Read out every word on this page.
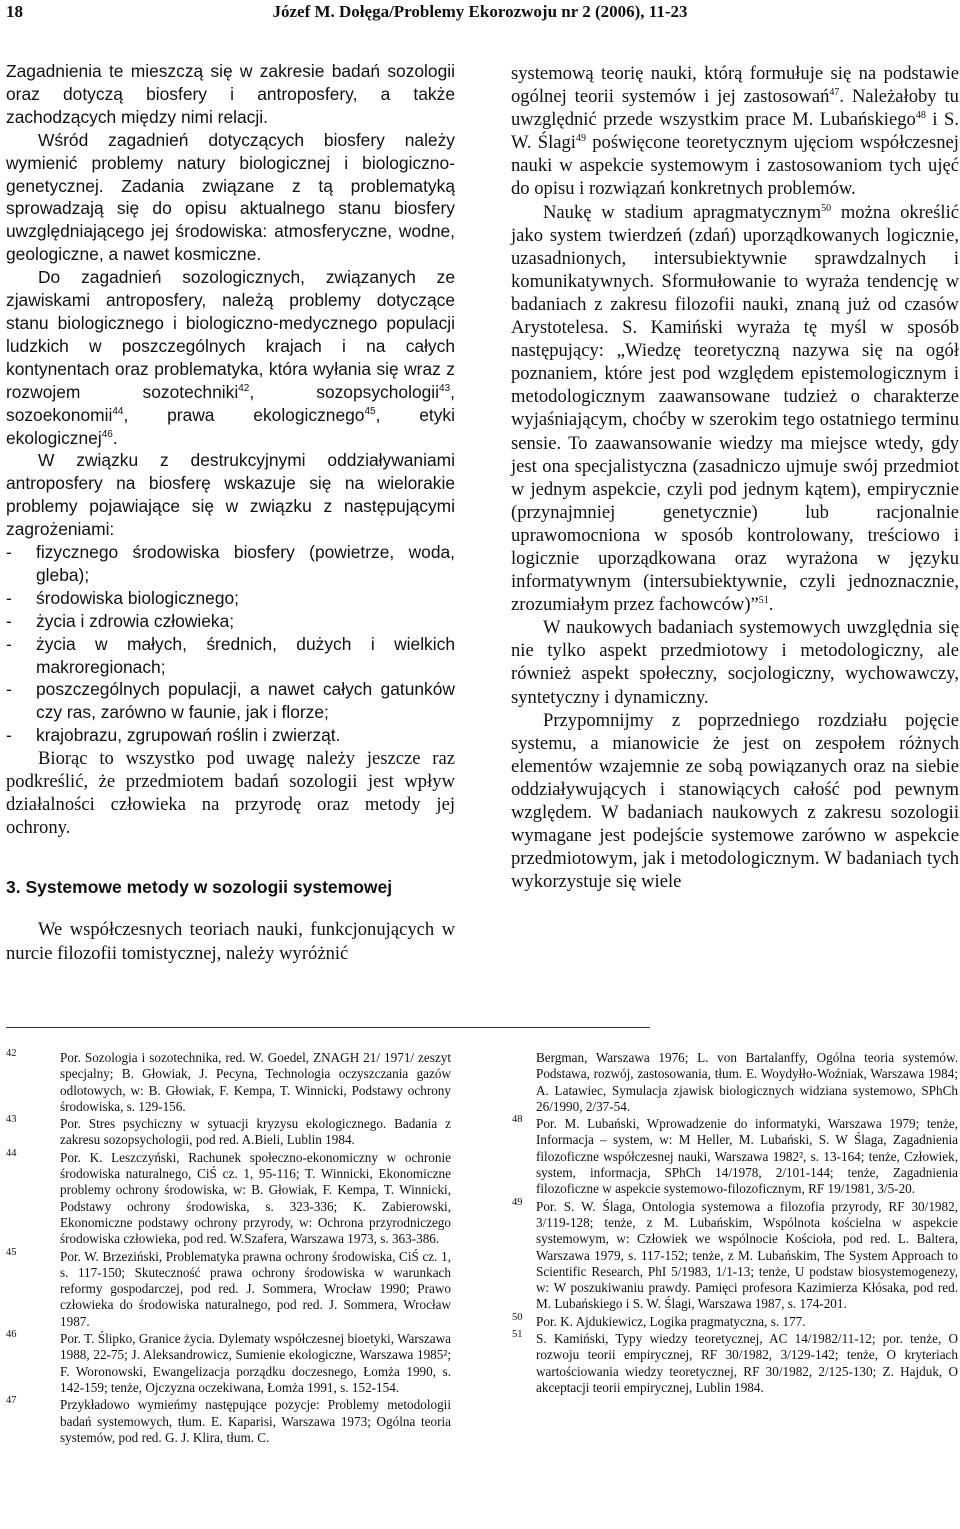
18	Józef M. Dołęga/Problemy Ekorozwoju nr 2 (2006), 11-23

Zagadnienia te mieszczą się w zakresie badań sozologii oraz dotyczą biosfery i antroposfery, a także zachodzących między nimi relacji.

Wśród zagadnień dotyczących biosfery należy wymienić problemy natury biologicznej i biologiczno-genetycznej. Zadania związane z tą problematyką sprowadzają się do opisu aktualnego stanu biosfery uwzględniającego jej środowiska: atmosferyczne, wodne, geologiczne, a nawet kosmiczne.

Do zagadnień sozologicznych, związanych ze zjawiskami antroposfery, należą problemy dotyczące stanu biologicznego i biologiczno-medycznego populacji ludzkich w poszczególnych krajach i na całych kontynentach oraz problematyka, która wyłania się wraz z rozwojem sozotechniki$^{42}$, sozopsychologii$^{43}$, sozoekonomii$^{44}$, prawa ekologicznego$^{45}$, etyki ekologicznej$^{46}$.

W związku z destrukcyjnymi oddziaływaniami antroposfery na biosferę wskazuje się na wielorakie problemy pojawiające się w związku z następującymi zagrożeniami:

- fizycznego środowiska biosfery (powietrze, woda, gleba);
- środowiska biologicznego;
- życia i zdrowia człowieka;
- życia w małych, średnich, dużych i wielkich makroregionach;
- poszczególnych populacji, a nawet całych gatunków czy ras, zarówno w faunie, jak i florze;
- krajobrazu, zgrupowań roślin i zwierząt.

Biorąc to wszystko pod uwagę należy jeszcze raz podkreślić, że przedmiotem badań sozologii jest wpływ działalności człowieka na przyrodę oraz metody jej ochrony.

3. Systemowe metody w sozologii systemowej

We współczesnych teoriach nauki, funkcjonujących w nurcie filozofii tomistycznej, należy wyróżnić

systemową teorię nauki, którą formułuje się na podstawie ogólnej teorii systemów i jej zastosowań$^{47}$. Należałoby tu uwzględnić przede wszystkim prace M. Lubańskiego$^{48}$ i S. W. Ślagi$^{49}$ poświęcone teoretycznym ujęciom współczesnej nauki w aspekcie systemowym i zastosowaniom tych ujęć do opisu i rozwiązań konkretnych problemów.

Naukę w stadium apragmatycznym$^{50}$ można określić jako system twierdzeń (zdań) uporządkowanych logicznie, uzasadnionych, intersubiektywnie sprawdzalnych i komunikatywnych. Sformułowanie to wyraża tendencję w badaniach z zakresu filozofii nauki, znaną już od czasów Arystotelesa. S. Kamiński wyraża tę myśl w sposób następujący: „Wiedzę teoretyczną nazywa się na ogół poznaniem, które jest pod względem epistemologicznym i metodologicznym zaawansowane tudzież o charakterze wyjaśniającym, choćby w szerokim tego ostatniego terminu sensie. To zaawansowanie wiedzy ma miejsce wtedy, gdy jest ona specjalistyczna (zasadniczo ujmuje swój przedmiot w jednym aspekcie, czyli pod jednym kątem), empirycznie (przynajmniej genetycznie) lub racjonalnie uprawomocniona w sposób kontrolowany, treściowo i logicznie uporządkowana oraz wyrażona w języku informatywnym (intersubiektywnie, czyli jednoznacznie, zrozumiałym przez fachowców)”$^{51}$.

W naukowych badaniach systemowych uwzględnia się nie tylko aspekt przedmiotowy i metodologiczny, ale również aspekt społeczny, socjologiczny, wychowawczy, syntetyczny i dynamiczny.

Przypomnijmy z poprzedniego rozdziału pojęcie systemu, a mianowicie że jest on zespołem różnych elementów wzajemnie ze sobą powiązanych oraz na siebie oddziaływujących i stanowiących całość pod pewnym względem. W badaniach naukowych z zakresu sozologii wymagane jest podejście systemowe zarówno w aspekcie przedmiotowym, jak i metodologicznym. W badaniach tych wykorzystuje się wiele

42	Por. Sozologia i sozotechnika, red. W. Goedel, ZNAGH 21/ 1971/ zeszyt specjalny; B. Głowiak, J. Pecyna, Technologia oczyszczania gazów odlotowych, w: B. Głowiak, F. Kempa, T. Winnicki, Podstawy ochrony środowiska, s. 129-156.

43	Por. Stres psychiczny w sytuacji kryzysu ekologicznego. Badania z zakresu sozopsychologii, pod red. A.Bieli, Lublin 1984.

44	Por. K. Leszczyński, Rachunek społeczno-ekonomiczny w ochronie środowiska naturalnego, CiŚ cz. 1, 95-116; T. Winnicki, Ekonomiczne problemy ochrony środowiska, w: B. Głowiak, F. Kempa, T. Winnicki, Podstawy ochrony środowiska, s. 323-336; K. Zabierowski, Ekonomiczne podstawy ochrony przyrody, w: Ochrona przyrodniczego środowiska człowieka, pod red. W.Szafera, Warszawa 1973, s. 363-386.

45	Por. W. Brzeziński, Problematyka prawna ochrony środowiska, CiŚ cz. 1, s. 117-150; Skuteczność prawa ochrony środowiska w warunkach reformy gospodarczej, pod red. J. Sommera, Wrocław 1990; Prawo człowieka do środowiska naturalnego, pod red. J. Sommera, Wrocław 1987.

46	Por. T. Ślipko, Granice życia. Dylematy współczesnej bioetyki, Warszawa 1988, 22-75; J. Aleksandrowicz, Sumienie ekologiczne, Warszawa 1985²; F. Woronowski, Ewangelizacja porządku doczesnego, Łomża 1990, s. 142-159; tenże, Ojczyzna oczekiwana, Łomża 1991, s. 152-154.

47	Przykładowo wymieńmy następujące pozycje: Problemy metodologii badań systemowych, tłum. E. Kaparisi, Warszawa 1973; Ogólna teoria systemów, pod red. G. J. Klira, tłum. C.

Bergman, Warszawa 1976; L. von Bartalanffy, Ogólna teoria systemów. Podstawa, rozwój, zastosowania, tłum. E. Woydyłło-Woźniak, Warszawa 1984; A. Latawiec, Symulacja zjawisk biologicznych widziana systemowo, SPhCh 26/1990, 2/37-54.

48 Por. M. Lubański, Wprowadzenie do informatyki, Warszawa 1979; tenże, Informacja – system, w: M Heller, M. Lubański, S. W Ślaga, Zagadnienia filozoficzne współczesnej nauki, Warszawa 1982², s. 13-164; tenże, Człowiek, system, informacja, SPhCh 14/1978, 2/101-144; tenże, Zagadnienia filozoficzne w aspekcie systemowo-filozoficznym, RF 19/1981, 3/5-20.

49 Por. S. W. Ślaga, Ontologia systemowa a filozofia przyrody, RF 30/1982, 3/119-128; tenże, z M. Lubańskim, Wspólnota kościelna w aspekcie systemowym, w: Człowiek we wspólnocie Kościoła, pod red. L. Baltera, Warszawa 1979, s. 117-152; tenże, z M. Lubańskim, The System Approach to Scientific Research, PhI 5/1983, 1/1-13; tenże, U podstaw biosystemogenezy, w: W poszukiwaniu prawdy. Pamięci profesora Kazimierza Kłósaka, pod red. M. Lubańskiego i S. W. Ślagi, Warszawa 1987, s. 174-201.

50 Por. K. Ajdukiewicz, Logika pragmatyczna, s. 177.

51 S. Kamiński, Typy wiedzy teoretycznej, AC 14/1982/11-12; por. tenże, O rozwoju teorii empirycznej, RF 30/1982, 3/129-142; tenże, O kryteriach wartościowania wiedzy teoretycznej, RF 30/1982, 2/125-130; Z. Hajduk, O akceptacji teorii empirycznej, Lublin 1984.
